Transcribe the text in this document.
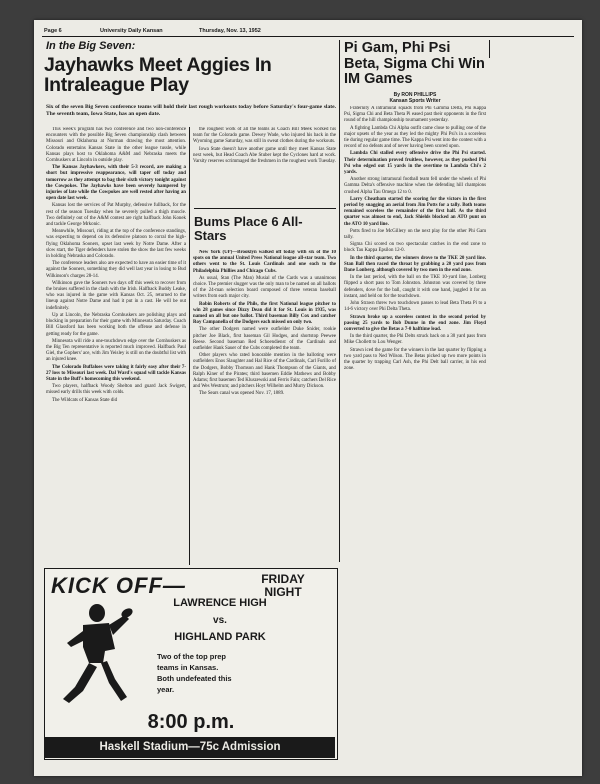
Page 6	University Daily Kansan	Thursday, Nov. 13, 1952
In the Big Seven:
Jayhawks Meet Aggies In Intraleague Play
Six of the seven Big Seven conference teams will hold their last rough workouts today before Saturday's four-game slate. The seventh team, Iowa State, has an open date.

This week's program has two conference and two non-conference encounters with the possible Big Seven championship clash between Missouri and Oklahoma at Norman drawing the most attention. Colorado entertains Kansas State in the other league tussle, while Kansas plays host to Oklahoma A&M and Nebraska meets the Cornhuskers at Lincoln in outside play.

The Kansas Jayhawkers, with their 5-3 record, are making a short but impressive reappearance, will taper off today and tomorrow as they attempt to bag their sixth victory tonight against the Cowpokes. The Jayhawks have been severely hampered by injuries of late while the Cowpokes are well rested after having an open date last week.

Kansas lost the services of Pat Murphy, defensive fullback, for the rest of the season Tuesday when he severely pulled a thigh muscle. Two definitely out of the A&M contest are right halfback John Konek and tackle George Mrkonic.

Meanwhile, Missouri, riding at the top of the conference standings, was expecting to depend on its defensive platoon to corral the high-flying Oklahoma Sooners, upset last week by Notre Dame. After a slow start, the Tiger defenders have stolen the show the last few weeks in holding Nebraska and Colorado.

The conference leaders also are expected to have an easier time of it against the Sooners, something they did well last year in losing to Bud Wilkinson's charges 28-14.

Wilkinson gave the Sooners two days off this week to recover from the bruises suffered in the clash with the Irish. Halfback Buddy Leake, who was injured in the game with Kansas Oct. 25, returned to the lineup against Notre Dame and had it put in a cast. He will be out indefinitely.

Up at Lincoln, the Nebraska Cornhuskers are polishing plays and blocking in preparation for their game with Minnesota Saturday. Coach Bill Glassford has been working both the offense and defense in getting ready for the game.

Minnesota will ride a one-touchdown edge over the Cornhuskers as the Big Ten representative is reported much improved. Halfback Paul Giel, the Gophers' ace, with Jim Yeisley is still on the doubtful list with an injured knee.

The Colorado Buffaloes were taking it fairly easy after their 7-27 loss to Missouri last week. Dal Ward's squad will tackle Kansas State in the Buff's homecoming this weekend.

Two players, halfback Woody Shelton and guard Jack Swigert, missed early drills this week with colds.

The Wildcats of Kansas State did

the roughest work of all the teams as Coach Bill Meek worked his team for the Colorado game. Dewey Wade, who injured his back in the Wyoming game Saturday, was still in sweat clothes during the workouts.

Iowa State doesn't have another game until they meet Kansas State next week, but Head Coach Abe Stuber kept the Cyclones hard at work. Varsity reserves scrimmaged the freshmen in the roughest work Tuesday.

Bums Place 6 All-Stars

New York (UP)—Brooklyn walked off today with six of the 10 spots on the annual United Press National league all-star team. Two others went to the St. Louis Cardinals and one each to the Philadelphia Phillies and Chicago Cubs.

As usual, Stan (The Man) Musial of the Cards was a unanimous choice. The premier slugger was the only man to be named on all ballots of the 24-man selection board composed of three veteran baseball writers from each major city.

Robin Roberts of the Phils, the first National league pitcher to win 28 games since Dizzy Dean did it for St. Louis in 1935, was named on all but one ballot. Third baseman Billy Cox and catcher Roy Campanella of the Dodgers each missed on only two.

The other Dodgers named were outfielder Duke Snider, rookie pitcher Joe Black, first baseman Gil Hodges, and shortstop Peewee Reese. Second baseman Red Schoendienst of the Cardinals and outfielder Hank Sauer of the Cubs completed the team.

Other players who rated honorable mention in the balloting were outfielders Enos Slaughter and Hal Rice of the Cardinals, Carl Furillo of the Dodgers, Bobby Thomson and Hank Thompson of the Giants, and Ralph Kiner of the Pirates; third basemen Eddie Mathews and Bobby Adams; first basemen Ted Kluszewski and Ferris Fain; catchers Del Rice and Wes Westrum; and pitchers Hoyt Wilhelm and Murry Dickson.

The Sears canal was opened Nov. 17, 1889.

KICK OFF—	FRIDAY
NIGHT
LAWRENCE HIGH
vs.
HIGHLAND PARK
Two of the top prep
teams in Kansas.
Both undefeated this
year.
8:00 p.m.
Haskell Stadium—75c Admission
Pi Gam, Phi Psi Beta, Sigma Chi Win IM Games
By RON PHILLIPS
Kansan Sports Writer

Fraternity A intramural squads from Phi Gamma Delta, Phi Kappa Psi, Sigma Chi and Beta Theta Pi eased past their opponents in the first round of the hill championship tournament yesterday.

A fighting Lambda Chi Alpha outfit came close to pulling one of the major upsets of the year as they led the mighty Phi Psi's in a scoreless tie during regular game time. The Kappa Psi went into the contest with a record of no defeats and of never having been scored upon.

Lambda Chi stalled every offensive drive the Phi Psi started. Their determination proved fruitless, however, as they pushed Phi Psi who edged out 15 yards in the overtime to Lambda Chi's 2 yards.

Another strong intramural football team fell under the wheels of Phi Gamma Delta's offensive machine when the defending hill champions crushed Alpha Tau Omega 12 to 0.

Larry Cheatham started the scoring for the victors in the first period by snagging an aerial from Jim Potts for a tally. Both teams remained scoreless the remainder of the first half. As the third quarter was almost to end, Jack Shields blocked an ATO punt on the ATO 10 yard line.

Potts fired to Joe McGillery on the next play for the other Phi Gam tally.

Sigma Chi scored on two spectacular catches in the end zone to block Tau Kappa Epsilon 12-0.

In the third quarter, the winners drove to the TKE 20 yard line. Stan Ball then raced the throat by grabbing a 20 yard pass from Dane Lonberg, although covered by two men in the end zone.

In the last period, with the ball on the TKE 10-yard line, Lonberg flipped a short pass to Tom Johnston. Johnston was covered by three defenders, dove for the ball, caught it with one hand, juggled it for an instant, and held on for the touchdown.

John Strawn threw two touchdown passes to lead Beta Theta Pi to a 14-6 victory over Phi Delta Theta.

Strawn broke up a scoreless contest in the second period by passing 25 yards to Bob Dunne in the end zone. Jim Floyd converted to give the Betas a 7-0 halftime lead.

In the third quarter, the Phi Delts struck back on a 30 yard pass from Mike Chollett to Lou Wenger.

Strawn iced the game for the winners in the last quarter by flipping a two yard pass to Ned Wilson. The Betas picked up two more points in the quarter by trapping Carl Ash, the Phi Delt ball carrier, in his end zone.
